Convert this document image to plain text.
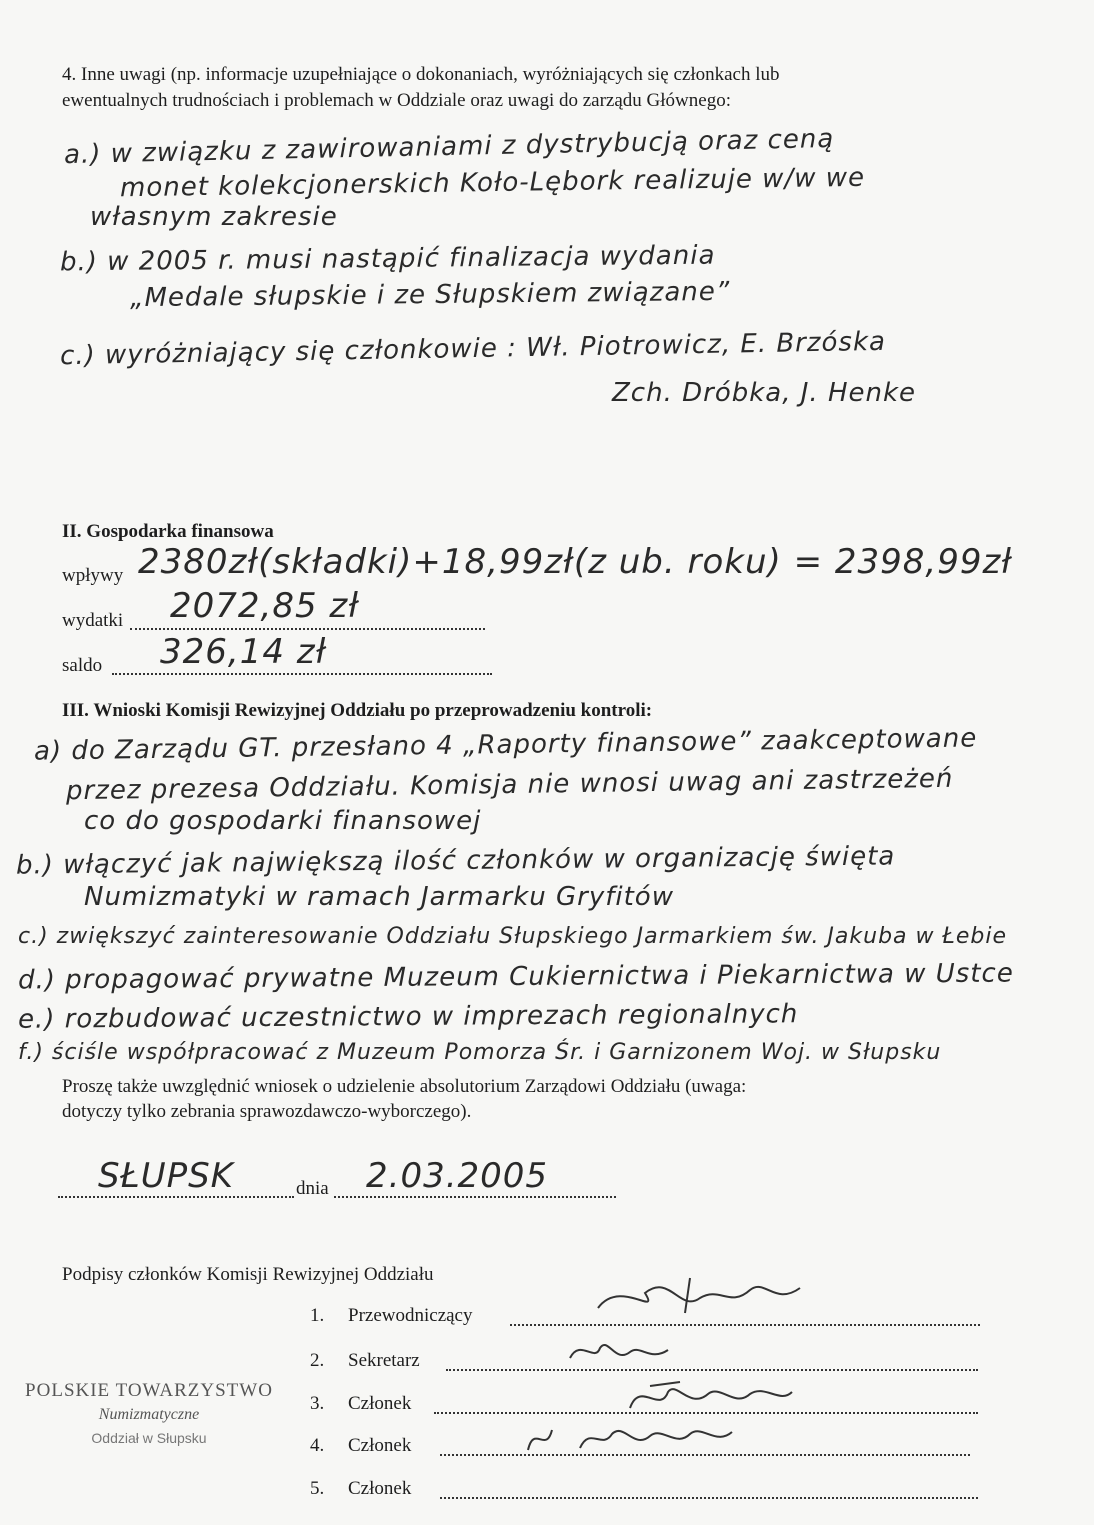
4. Inne uwagi (np. informacje uzupełniające o dokonaniach, wyróżniających się członkach lub
ewentualnych trudnościach i problemach w Oddziale oraz uwagi do zarządu Głównego:
a.) w związku z zawirowaniami z dystrybucją oraz ceną
monet kolekcjonerskich Koło-Lębork realizuje w/w we
własnym zakresie
b.) w 2005 r. musi nastąpić finalizacja wydania
„Medale słupskie i ze Słupskiem związane”
c.) wyróżniający się członkowie : Wł. Piotrowicz, E. Brzóska
Zch. Dróbka, J. Henke
II. Gospodarka finansowa
wpływy 2380zł(składki)+18,99zł(z ub. roku) = 2398,99zł
wydatki 2072,85 zł
saldo 326,14 zł
III. Wnioski Komisji Rewizyjnej Oddziału po przeprowadzeniu kontroli:
a) do Zarządu GT. przesłano 4 „Raporty finansowe” zaakceptowane
przez prezesa Oddziału. Komisja nie wnosi uwag ani zastrzeżeń
co do gospodarki finansowej
b.) włączyć jak największą ilość członków w organizację święta
Numizmatyki w ramach Jarmarku Gryfitów
c.) zwiększyć zainteresowanie Oddziału Słupskiego Jarmarkiem św. Jakuba w Łebie
d.) propagować prywatne Muzeum Cukiernictwa i Piekarnictwa w Ustce
e.) rozbudować uczestnictwo w imprezach regionalnych
f.) ściśle współpracować z Muzeum Pomorza Śr. i Garnizonem Woj. w Słupsku
Proszę także uwzględnić wniosek o udzielenie absolutorium Zarządowi Oddziału (uwaga:
dotyczy tylko zebrania sprawozdawczo-wyborczego).
SŁUPSK	dnia 2.03.2005
Podpisy członków Komisji Rewizyjnej Oddziału
1. Przewodniczący
2. Sekretarz
3. Członek
4. Członek
5. Członek
POLSKIE TOWARZYSTWO
Numizmatyczne
Oddział w Słupsku
